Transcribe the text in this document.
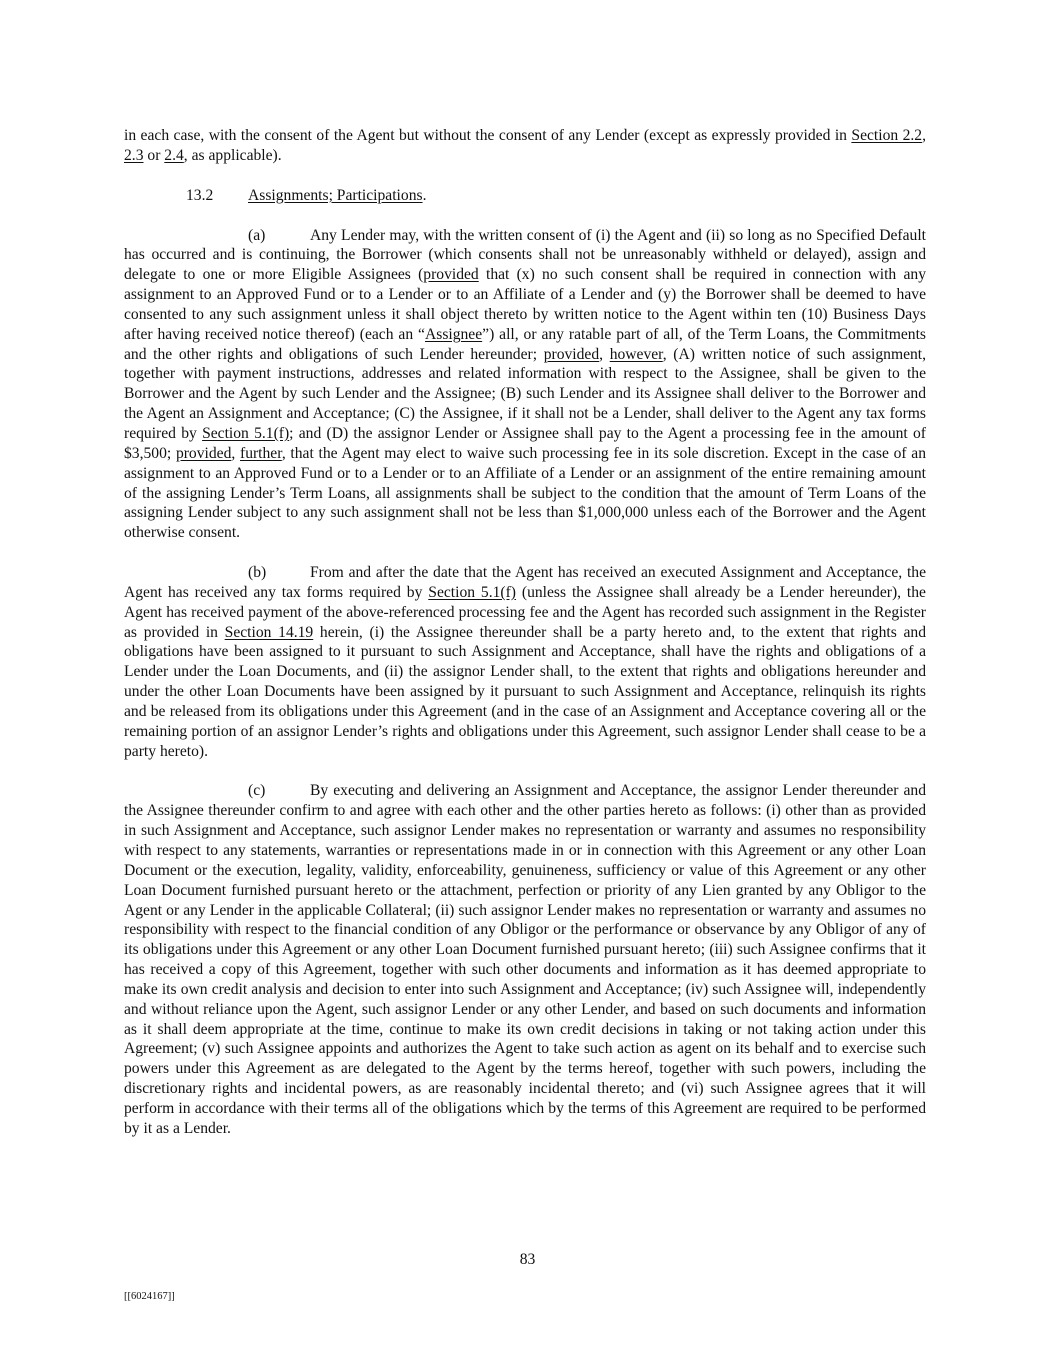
in each case, with the consent of the Agent but without the consent of any Lender (except as expressly provided in Section 2.2, 2.3 or 2.4, as applicable).

13.2	Assignments; Participations.

(a)	Any Lender may, with the written consent of (i) the Agent and (ii) so long as no Specified Default has occurred and is continuing, the Borrower (which consents shall not be unreasonably withheld or delayed), assign and delegate to one or more Eligible Assignees (provided that (x) no such consent shall be required in connection with any assignment to an Approved Fund or to a Lender or to an Affiliate of a Lender and (y) the Borrower shall be deemed to have consented to any such assignment unless it shall object thereto by written notice to the Agent within ten (10) Business Days after having received notice thereof) (each an “Assignee”) all, or any ratable part of all, of the Term Loans, the Commitments and the other rights and obligations of such Lender hereunder; provided, however, (A) written notice of such assignment, together with payment instructions, addresses and related information with respect to the Assignee, shall be given to the Borrower and the Agent by such Lender and the Assignee; (B) such Lender and its Assignee shall deliver to the Borrower and the Agent an Assignment and Acceptance; (C) the Assignee, if it shall not be a Lender, shall deliver to the Agent any tax forms required by Section 5.1(f); and (D) the assignor Lender or Assignee shall pay to the Agent a processing fee in the amount of $3,500; provided, further, that the Agent may elect to waive such processing fee in its sole discretion. Except in the case of an assignment to an Approved Fund or to a Lender or to an Affiliate of a Lender or an assignment of the entire remaining amount of the assigning Lender’s Term Loans, all assignments shall be subject to the condition that the amount of Term Loans of the assigning Lender subject to any such assignment shall not be less than $1,000,000 unless each of the Borrower and the Agent otherwise consent.

(b)	From and after the date that the Agent has received an executed Assignment and Acceptance, the Agent has received any tax forms required by Section 5.1(f) (unless the Assignee shall already be a Lender hereunder), the Agent has received payment of the above-referenced processing fee and the Agent has recorded such assignment in the Register as provided in Section 14.19 herein, (i) the Assignee thereunder shall be a party hereto and, to the extent that rights and obligations have been assigned to it pursuant to such Assignment and Acceptance, shall have the rights and obligations of a Lender under the Loan Documents, and (ii) the assignor Lender shall, to the extent that rights and obligations hereunder and under the other Loan Documents have been assigned by it pursuant to such Assignment and Acceptance, relinquish its rights and be released from its obligations under this Agreement (and in the case of an Assignment and Acceptance covering all or the remaining portion of an assignor Lender’s rights and obligations under this Agreement, such assignor Lender shall cease to be a party hereto).

(c)	By executing and delivering an Assignment and Acceptance, the assignor Lender thereunder and the Assignee thereunder confirm to and agree with each other and the other parties hereto as follows: (i) other than as provided in such Assignment and Acceptance, such assignor Lender makes no representation or warranty and assumes no responsibility with respect to any statements, warranties or representations made in or in connection with this Agreement or any other Loan Document or the execution, legality, validity, enforceability, genuineness, sufficiency or value of this Agreement or any other Loan Document furnished pursuant hereto or the attachment, perfection or priority of any Lien granted by any Obligor to the Agent or any Lender in the applicable Collateral; (ii) such assignor Lender makes no representation or warranty and assumes no responsibility with respect to the financial condition of any Obligor or the performance or observance by any Obligor of any of its obligations under this Agreement or any other Loan Document furnished pursuant hereto; (iii) such Assignee confirms that it has received a copy of this Agreement, together with such other documents and information as it has deemed appropriate to make its own credit analysis and decision to enter into such Assignment and Acceptance; (iv) such Assignee will, independently and without reliance upon the Agent, such assignor Lender or any other Lender, and based on such documents and information as it shall deem appropriate at the time, continue to make its own credit decisions in taking or not taking action under this Agreement; (v) such Assignee appoints and authorizes the Agent to take such action as agent on its behalf and to exercise such powers under this Agreement as are delegated to the Agent by the terms hereof, together with such powers, including the discretionary rights and incidental powers, as are reasonably incidental thereto; and (vi) such Assignee agrees that it will perform in accordance with their terms all of the obligations which by the terms of this Agreement are required to be performed by it as a Lender.

83
[[6024167]]
